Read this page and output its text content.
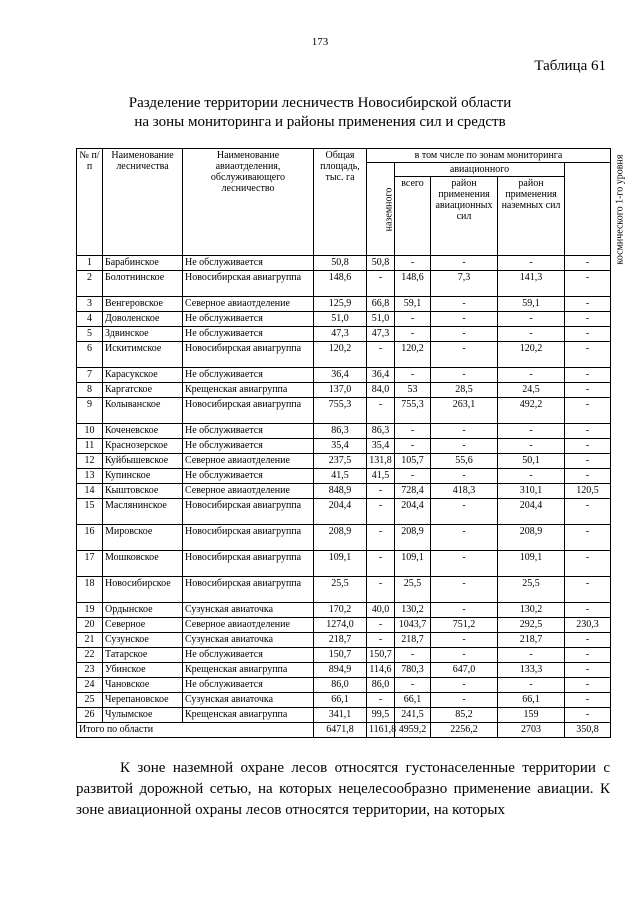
173
Таблица 61
Разделение территории лесничеств Новосибирской области
на зоны мониторинга и районы применения сил и средств
№ п/п	Наименование лесничества	Наименование авиаотделения, обслуживающего лесничество	Общая площадь, тыс. га	в том числе по зонам мониторинга				
				наземного	авиационного			космического 1-го уровня
					всего	район применения авиационных сил	район применения наземных сил	
1	Барабинское	Не обслуживается	50,8	50,8	-	-	-	-
2	Болотнинское	Новосибирская авиагруппа	148,6	-	148,6	7,3	141,3	-
3	Венгеровское	Северное авиаотделение	125,9	66,8	59,1	-	59,1	-
4	Доволенское	Не обслуживается	51,0	51,0	-	-	-	-
5	Здвинское	Не обслуживается	47,3	47,3	-	-	-	-
6	Искитимское	Новосибирская авиагруппа	120,2	-	120,2	-	120,2	-
7	Карасукское	Не обслуживается	36,4	36,4	-	-	-	-
8	Каргатское	Крещенская авиагруппа	137,0	84,0	53	28,5	24,5	-
9	Колыванское	Новосибирская авиагруппа	755,3	-	755,3	263,1	492,2	-
10	Коченевское	Не обслуживается	86,3	86,3	-	-	-	-
11	Краснозерское	Не обслуживается	35,4	35,4	-	-	-	-
12	Куйбышевское	Северное авиаотделение	237,5	131,8	105,7	55,6	50,1	-
13	Купинское	Не обслуживается	41,5	41,5	-	-	-	-
14	Кыштовское	Северное авиаотделение	848,9	-	728,4	418,3	310,1	120,5
15	Маслянинское	Новосибирская авиагруппа	204,4	-	204,4	-	204,4	-
16	Мировское	Новосибирская авиагруппа	208,9	-	208,9	-	208,9	-
17	Мошковское	Новосибирская авиагруппа	109,1	-	109,1	-	109,1	-
18	Новосибирское	Новосибирская авиагруппа	25,5	-	25,5	-	25,5	-
19	Ордынское	Сузунская авиаточка	170,2	40,0	130,2	-	130,2	-
20	Северное	Северное авиаотделение	1274,0	-	1043,7	751,2	292,5	230,3
21	Сузунское	Сузунская авиаточка	218,7	-	218,7	-	218,7	-
22	Татарское	Не обслуживается	150,7	150,7	-	-	-	-
23	Убинское	Крещенская авиагруппа	894,9	114,6	780,3	647,0	133,3	-
24	Чановское	Не обслуживается	86,0	86,0	-	-	-	-
25	Черепановское	Сузунская авиаточка	66,1	-	66,1	-	66,1	-
26	Чулымское	Крещенская авиагруппа	341,1	99,5	241,5	85,2	159	-
Итого по области			6471,8	1161,8	4959,2	2256,2	2703	350,8

К зоне наземной охране лесов относятся густонаселенные территории с развитой дорожной сетью, на которых нецелесообразно применение авиации. К зоне авиационной охраны лесов относятся территории, на которых
